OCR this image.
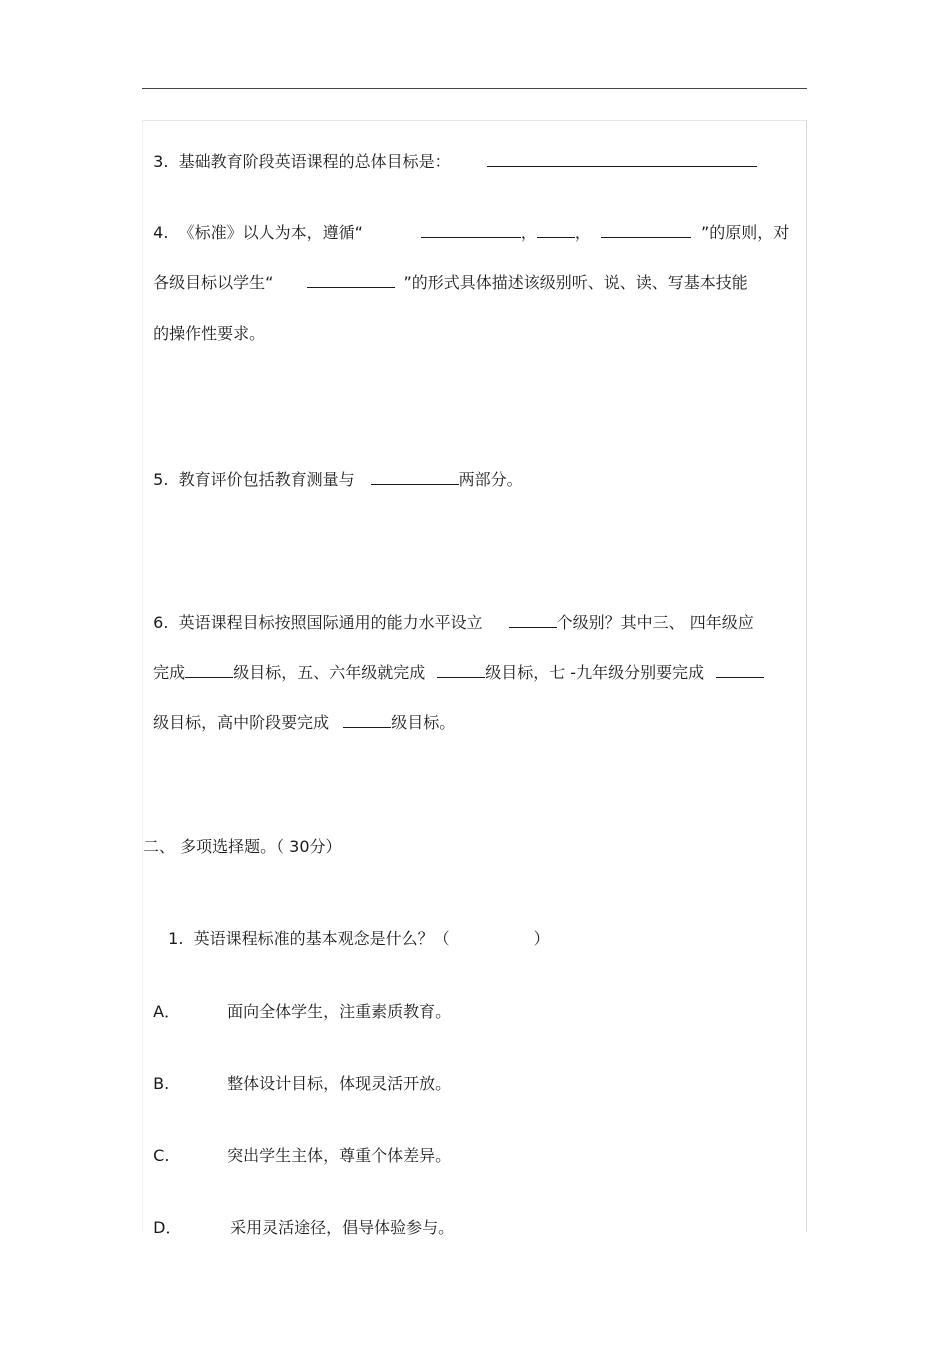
3. 基础教育阶段英语课程的总体目标是：

4. 《标准》以人为本，遵循“	， ，	”的原则，对

各级目标以学生“	”的形式具体描述该级别听、说、读、写基本技能

的操作性要求。

5. 教育评价包括教育测量与	两部分。

6. 英语课程目标按照国际通用的能力水平设立	个级别？其中三、 四年级应

完成	级目标，五、六年级就完成	级目标，七 -九年级分别要完成

级目标，高中阶段要完成	级目标。

二、 多项选择题。（ 30分）

1. 英语课程标准的基本观念是什么？（	）

A．	面向全体学生，注重素质教育。

B.	整体设计目标，体现灵活开放。

C.	突出学生主体，尊重个体差异。

D．	采用灵活途径，倡导体验参与。
